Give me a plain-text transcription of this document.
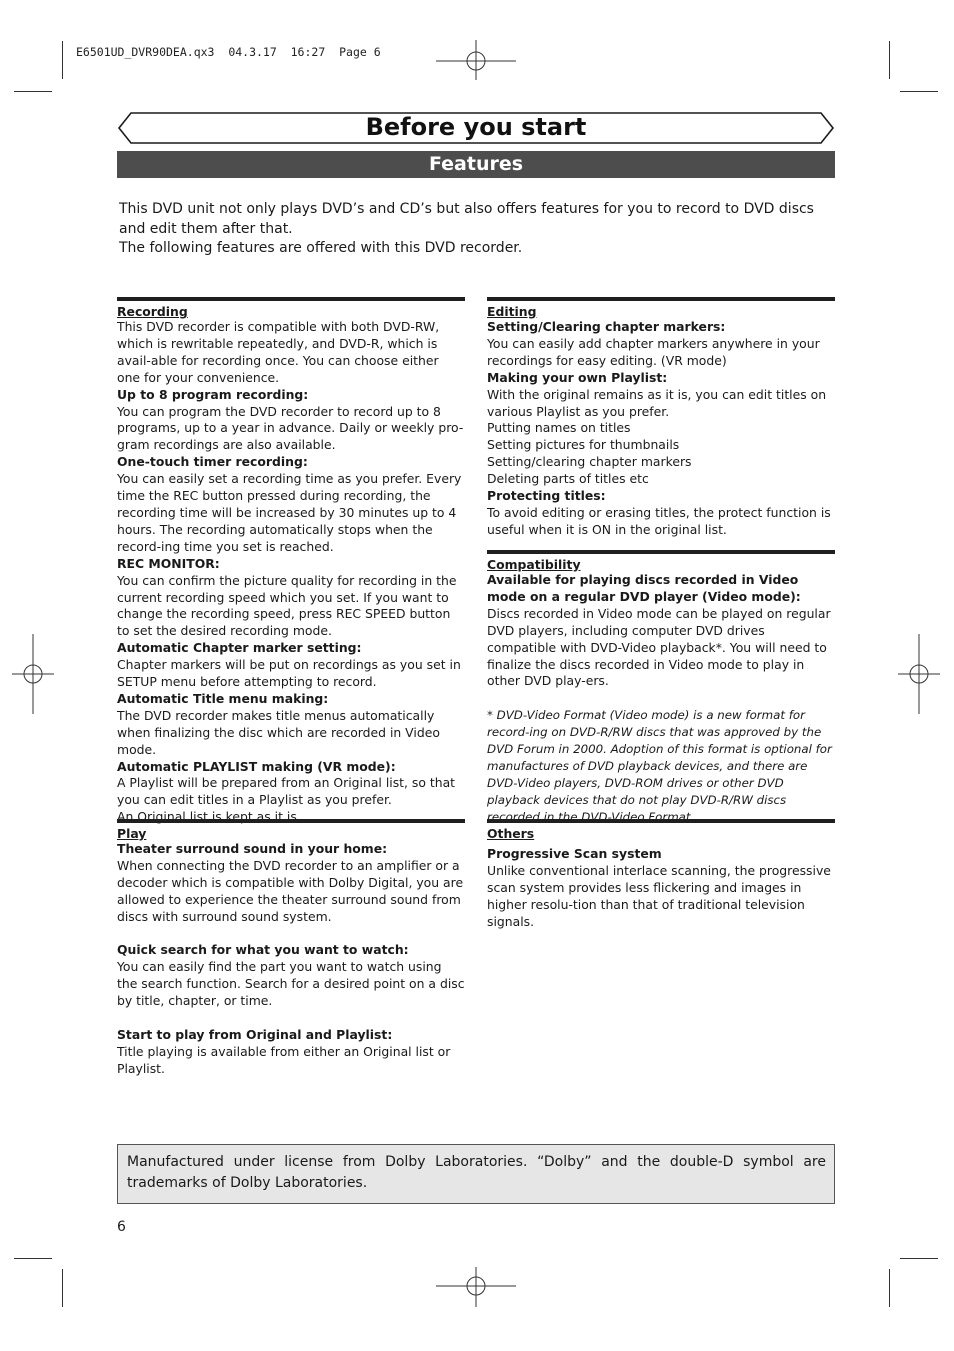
E6501UD_DVR90DEA.qx3  04.3.17  16:27  Page 6
Before you start
Features

This DVD unit not only plays DVD’s and CD’s but also offers features for you to record to DVD discs and edit them after that.

The following features are offered with this DVD recorder.

Recording

This DVD recorder is compatible with both DVD-RW, which is rewritable repeatedly, and DVD-R, which is avail-able for recording once. You can choose either one for your convenience.

Up to 8 program recording:

You can program the DVD recorder to record up to 8 programs, up to a year in advance. Daily or weekly pro-gram recordings are also available.

One-touch timer recording:

You can easily set a recording time as you prefer. Every time the REC button pressed during recording, the recording time will be increased by 30 minutes up to 4 hours. The recording automatically stops when the record-ing time you set is reached.

REC MONITOR:

You can confirm the picture quality for recording in the current recording speed which you set. If you want to change the recording speed, press REC SPEED button to set the desired recording mode.

Automatic Chapter marker setting:

Chapter markers will be put on recordings as you set in SETUP menu before attempting to record.

Automatic Title menu making:

The DVD recorder makes title menus automatically when finalizing the disc which are recorded in Video mode.

Automatic PLAYLIST making (VR mode):

A Playlist will be prepared from an Original list, so that you can edit titles in a Playlist as you prefer.

An Original list is kept as it is.

Play

Theater surround sound in your home:

When connecting the DVD recorder to an amplifier or a decoder which is compatible with Dolby Digital, you are allowed to experience the theater surround sound from discs with surround sound system.

Quick search for what you want to watch:

You can easily find the part you want to watch using the search function. Search for a desired point on a disc by title, chapter, or time.

Start to play from Original and Playlist:

Title playing is available from either an Original list or Playlist.

Editing

Setting/Clearing chapter markers:

You can easily add chapter markers anywhere in your recordings for easy editing. (VR mode)

Making your own Playlist:

With the original remains as it is, you can edit titles on various Playlist as you prefer.

Putting names on titles

Setting pictures for thumbnails

Setting/clearing chapter markers

Deleting parts of titles etc

Protecting titles:

To avoid editing or erasing titles, the protect function is useful when it is ON in the original list.

Compatibility

Available for playing discs recorded in Video mode on a regular DVD player (Video mode):

Discs recorded in Video mode can be played on regular DVD players, including computer DVD drives compatible with DVD-Video playback*. You will need to finalize the discs recorded in Video mode to play in other DVD play-ers.

* DVD-Video Format (Video mode) is a new format for record-ing on DVD-R/RW discs that was approved by the DVD Forum in 2000. Adoption of this format is optional for manufactures of DVD playback devices, and there are DVD-Video players, DVD-ROM drives or other DVD playback devices that do not play DVD-R/RW discs recorded in the DVD-Video Format.

Others

Progressive Scan system

Unlike conventional interlace scanning, the progressive scan system provides less flickering and images in higher resolu-tion than that of traditional television signals.

Manufactured under license from Dolby Laboratories. “Dolby” and the double-D symbol are trademarks of Dolby Laboratories.

6
